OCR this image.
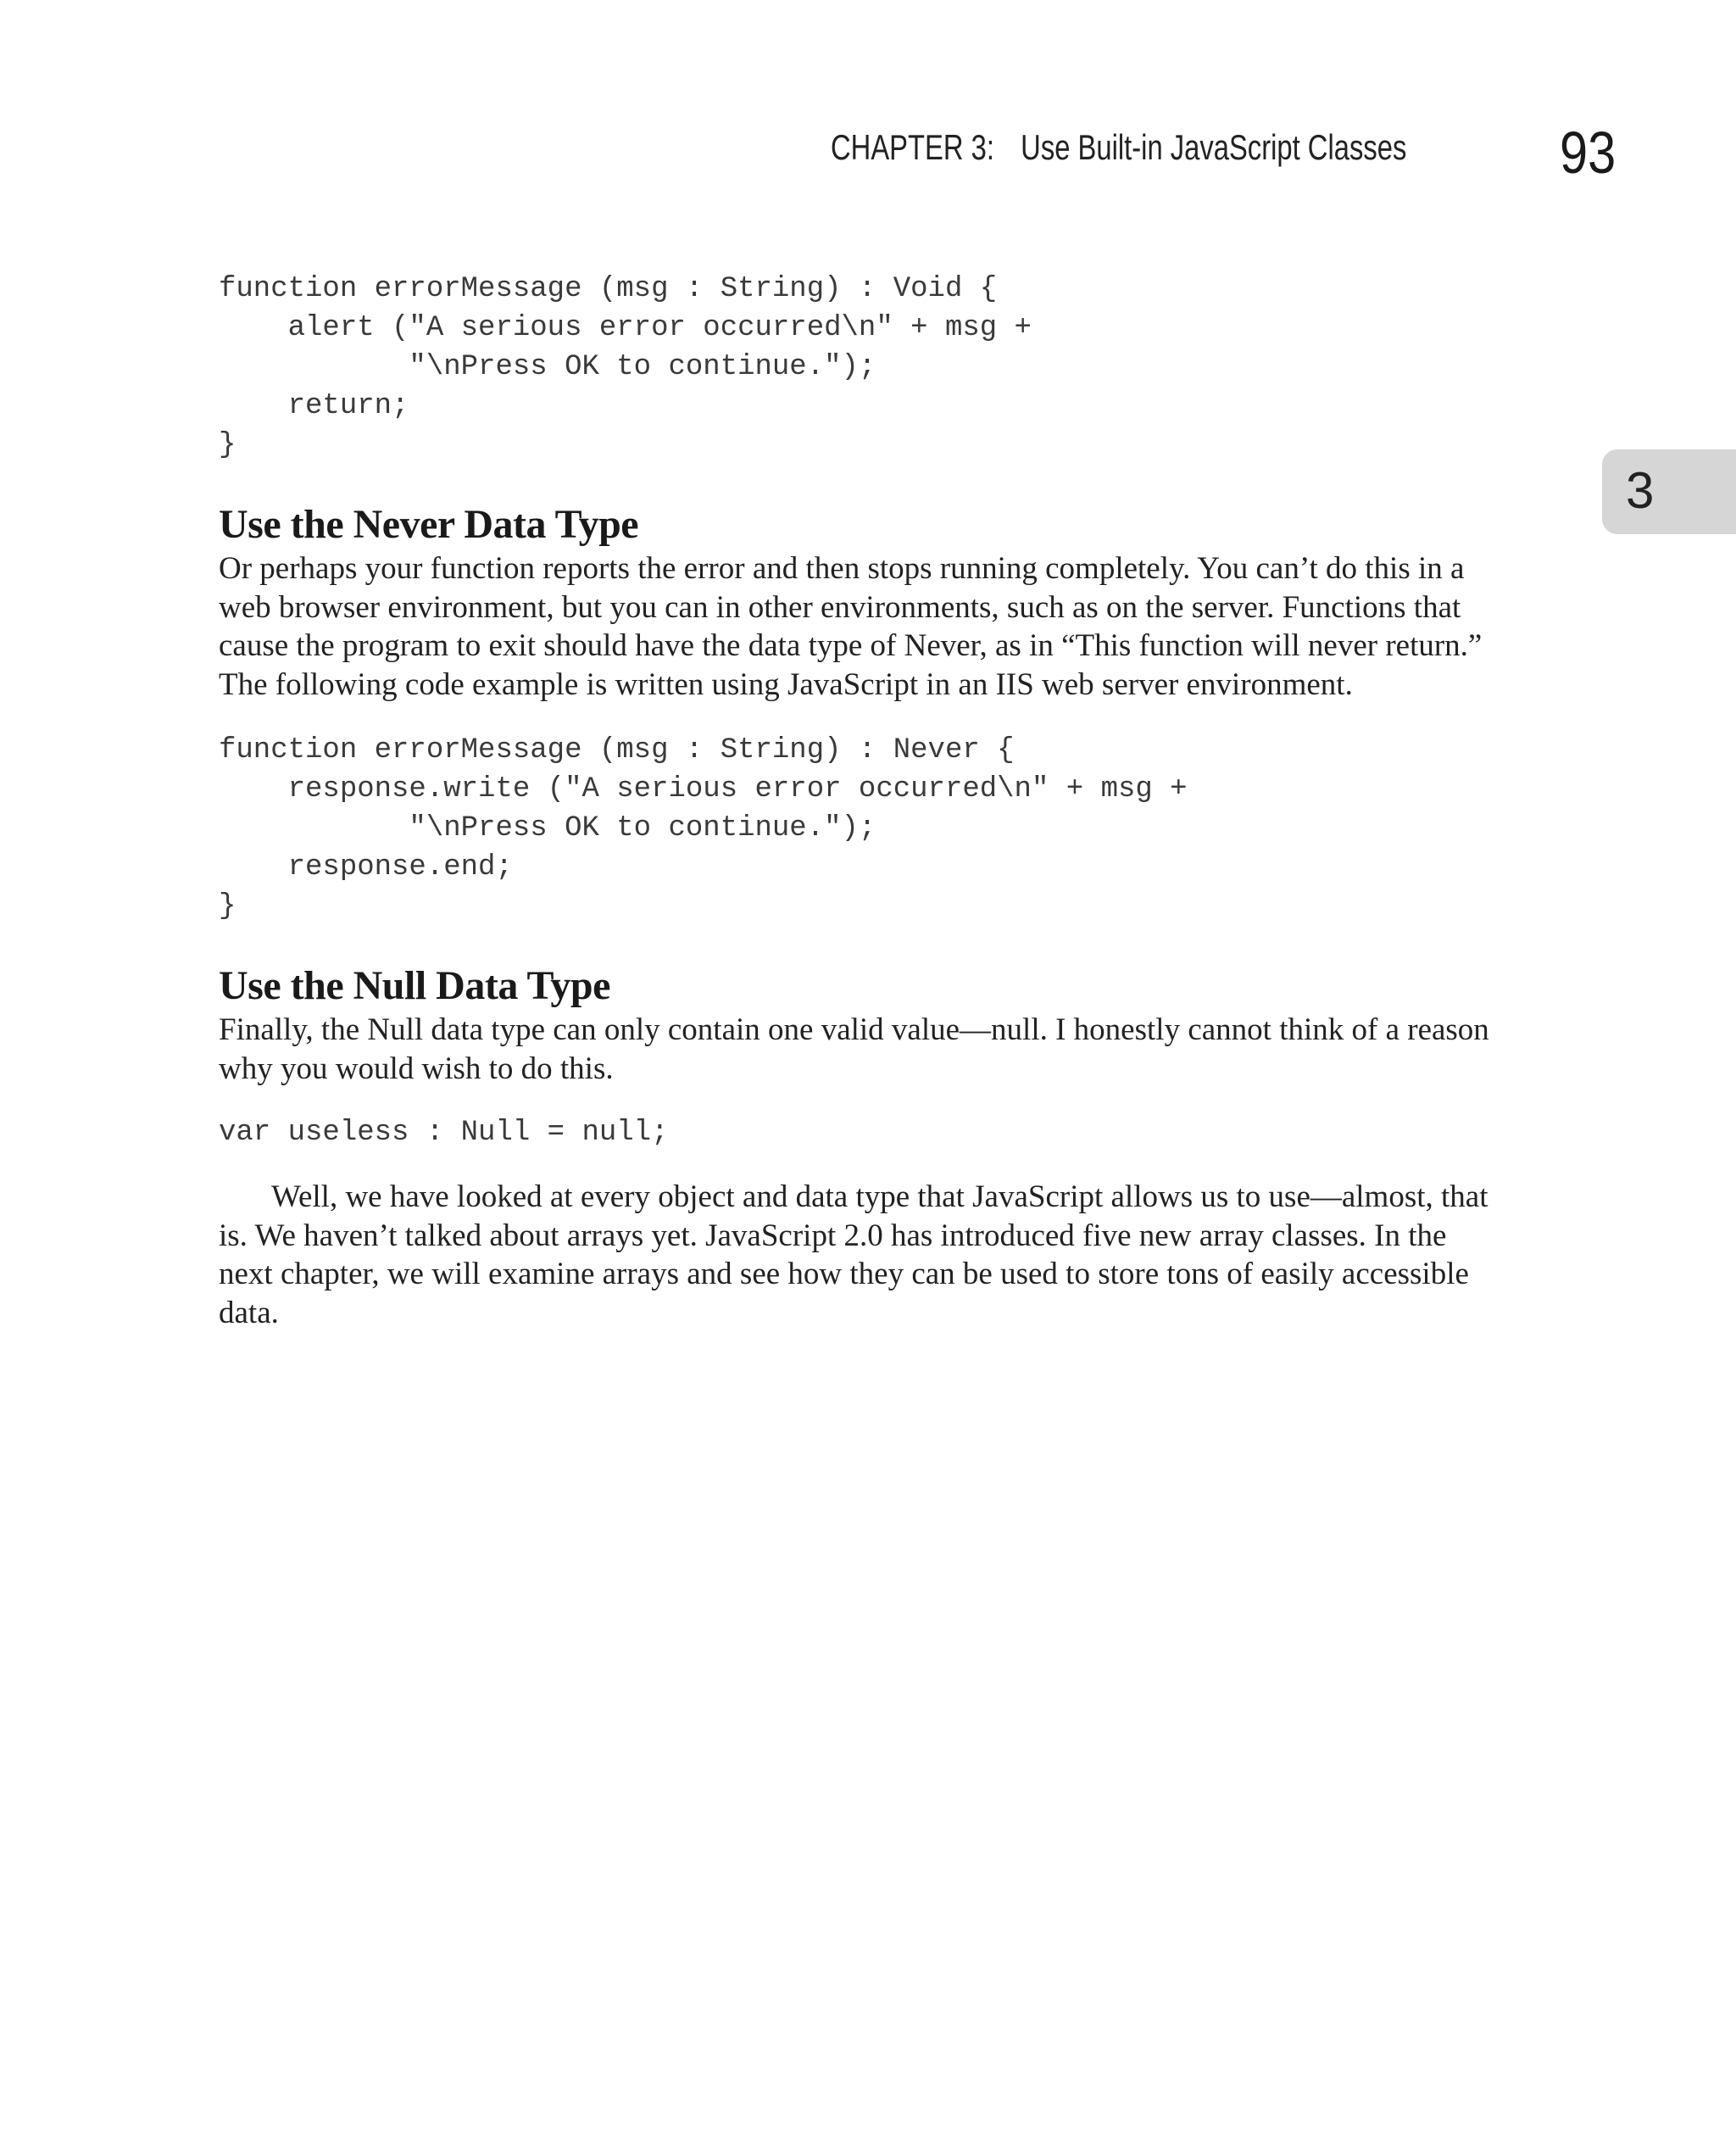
CHAPTER 3: Use Built-in JavaScript Classes	93
3
function errorMessage (msg : String) : Void {
alert ("A serious error occurred\n" + msg +
"\nPress OK to continue.");
return;
}
Use the Never Data Type

Or perhaps your function reports the error and then stops running completely. You can’t do this in a web browser environment, but you can in other environments, such as on the server. Functions that cause the program to exit should have the data type of Never, as in “This function will never return.” The following code example is written using JavaScript in an IIS web server environment.

function errorMessage (msg : String) : Never {
response.write ("A serious error occurred\n" + msg +
"\nPress OK to continue.");
response.end;
}
Use the Null Data Type

Finally, the Null data type can only contain one valid value—null. I honestly cannot think of a reason why you would wish to do this.

var useless : Null = null;

Well, we have looked at every object and data type that JavaScript allows us to use—almost, that is. We haven’t talked about arrays yet. JavaScript 2.0 has introduced five new array classes. In the next chapter, we will examine arrays and see how they can be used to store tons of easily accessible data.
